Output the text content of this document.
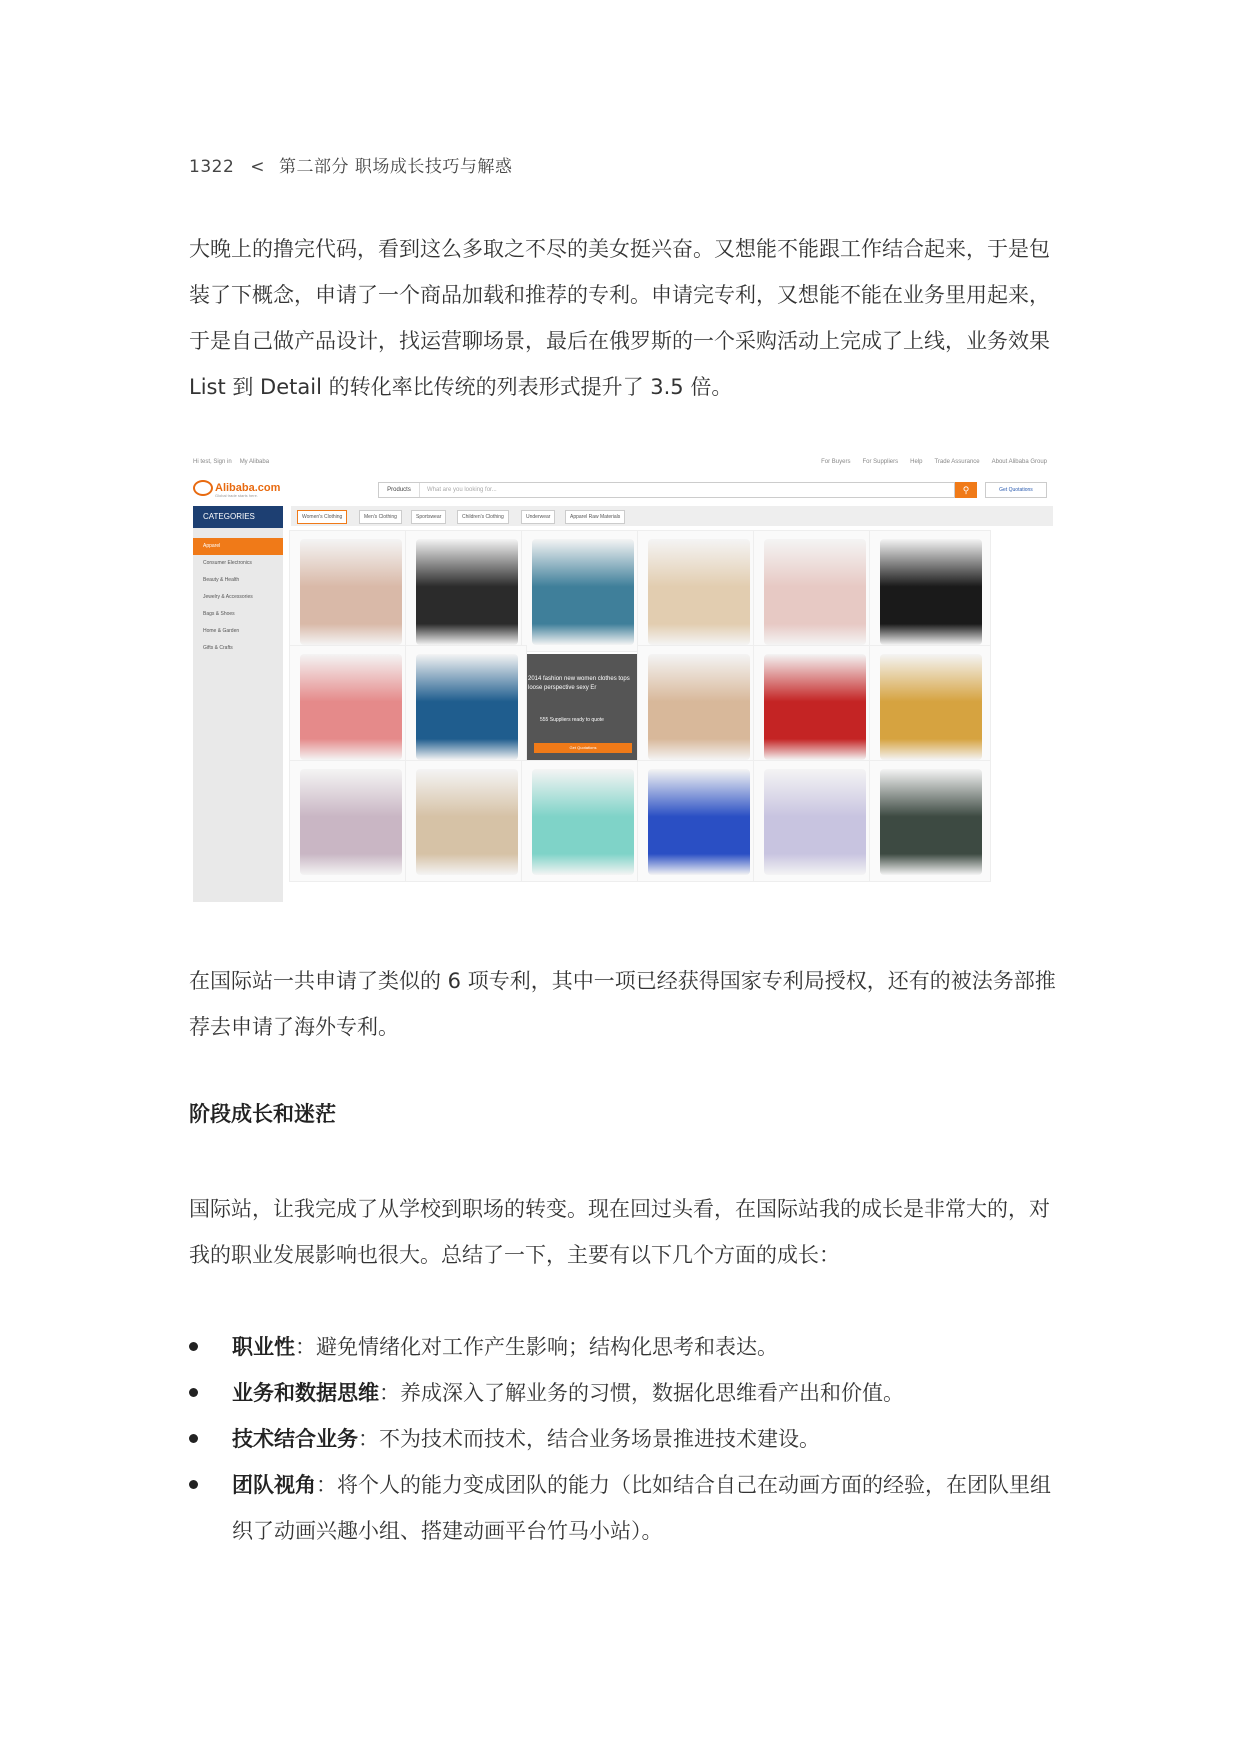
1322 < 第二部分 职场成长技巧与解惑

大晚上的撸完代码，看到这么多取之不尽的美女挺兴奋。又想能不能跟工作结合起来，于是包装了下概念，申请了一个商品加载和推荐的专利。申请完专利，又想能不能在业务里用起来，于是自己做产品设计，找运营聊场景，最后在俄罗斯的一个采购活动上完成了上线，业务效果 List 到 Detail 的转化率比传统的列表形式提升了 3.5 倍。

Hi test, Sign in My Alibaba	For Buyers For Suppliers Help Trade Assurance About Alibaba Group
Alibaba.com
Global trade starts here.
Products	What are you looking for...	⚲	Get Quotations
CATEGORIES
Apparel
Consumer Electronics
Beauty & Health
Jewelry & Accessories
Bags & Shoes
Home & Garden
Gifts & Crafts
Women's Clothing	Men's Clothing	Sportswear	Children's Clothing	Underwear	Apparel Raw Materials
2014 fashion new women clothes tops loose perspective sexy Er
555 Suppliers ready to quote
Get Quotations

在国际站一共申请了类似的 6 项专利，其中一项已经获得国家专利局授权，还有的被法务部推荐去申请了海外专利。

阶段成长和迷茫

国际站，让我完成了从学校到职场的转变。现在回过头看，在国际站我的成长是非常大的，对我的职业发展影响也很大。总结了一下，主要有以下几个方面的成长：

职业性：避免情绪化对工作产生影响；结构化思考和表达。
业务和数据思维：养成深入了解业务的习惯，数据化思维看产出和价值。
技术结合业务：不为技术而技术，结合业务场景推进技术建设。
团队视角：将个人的能力变成团队的能力（比如结合自己在动画方面的经验，在团队里组织了动画兴趣小组、搭建动画平台竹马小站）。
